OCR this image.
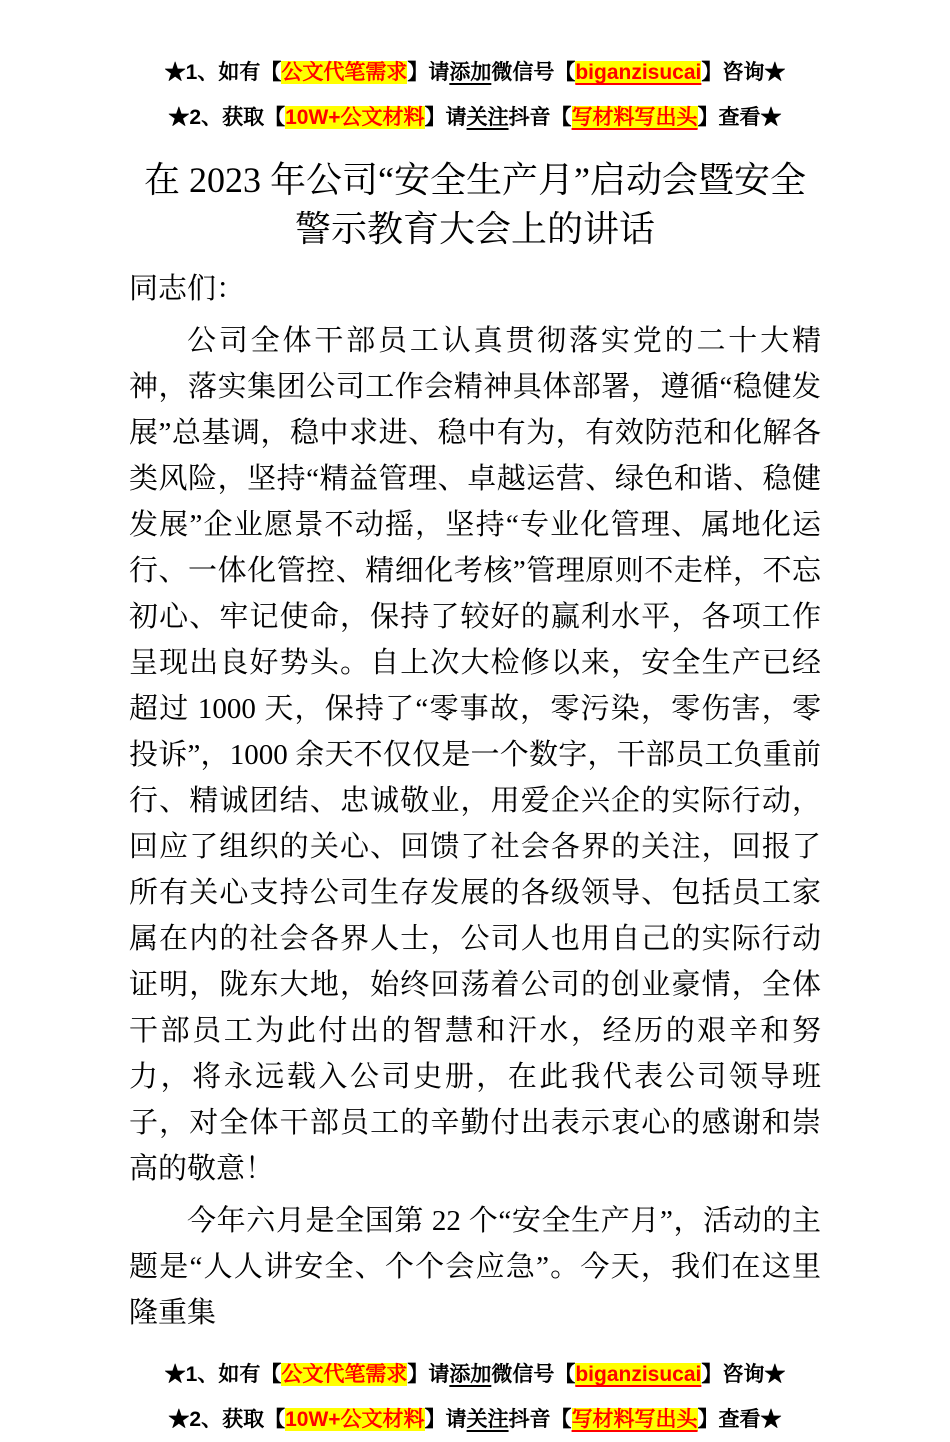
★1、如有【公文代笔需求】请添加微信号【biganzisucai】咨询★
★2、获取【10W+公文材料】请关注抖音【写材料写出头】查看★
在 2023 年公司“安全生产月”启动会暨安全
警示教育大会上的讲话

同志们：

公司全体干部员工认真贯彻落实党的二十大精神，落实集团公司工作会精神具体部署，遵循“稳健发展”总基调，稳中求进、稳中有为，有效防范和化解各类风险，坚持“精益管理、卓越运营、绿色和谐、稳健发展”企业愿景不动摇，坚持“专业化管理、属地化运行、一体化管控、精细化考核”管理原则不走样，不忘初心、牢记使命，保持了较好的赢利水平，各项工作呈现出良好势头。自上次大检修以来，安全生产已经超过 1000 天，保持了“零事故，零污染，零伤害，零投诉”，1000 余天不仅仅是一个数字，干部员工负重前行、精诚团结、忠诚敬业，用爱企兴企的实际行动，回应了组织的关心、回馈了社会各界的关注，回报了所有关心支持公司生存发展的各级领导、包括员工家属在内的社会各界人士，公司人也用自己的实际行动证明，陇东大地，始终回荡着公司的创业豪情，全体干部员工为此付出的智慧和汗水，经历的艰辛和努力，将永远载入公司史册，在此我代表公司领导班子，对全体干部员工的辛勤付出表示衷心的感谢和崇高的敬意！

今年六月是全国第 22 个“安全生产月”，活动的主题是“人人讲安全、个个会应急”。今天，我们在这里隆重集

★1、如有【公文代笔需求】请添加微信号【biganzisucai】咨询★
★2、获取【10W+公文材料】请关注抖音【写材料写出头】查看★
